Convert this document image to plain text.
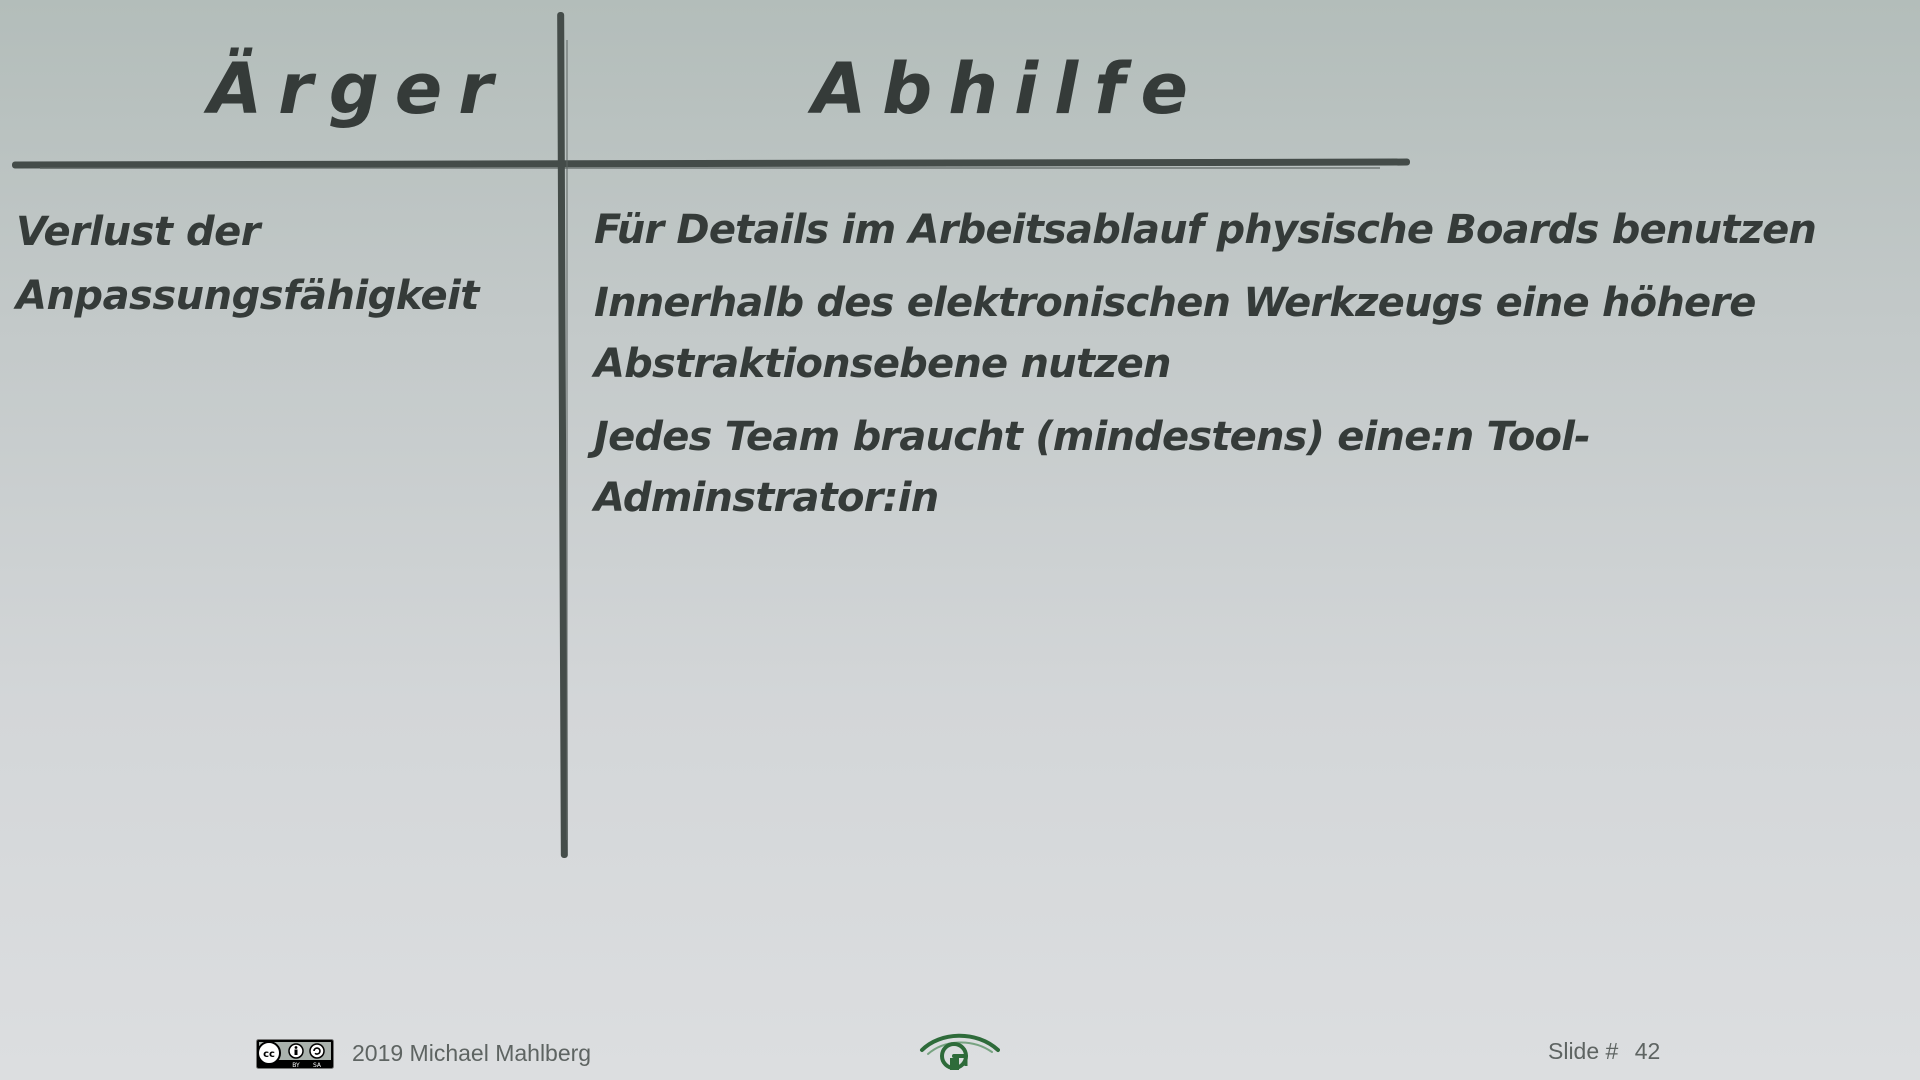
Ärger	Abhilfe
Verlust der Anpassungsfähigkeit
Für Details im Arbeitsablauf physische Boards benutzen
Innerhalb des elektronischen Werkzeugs eine höhere Abstraktionsebene nutzen
Jedes Team braucht (mindestens) eine:n Tool-Adminstrator:in
cc
BY SA 2019 Michael Mahlberg	Slide # 42
